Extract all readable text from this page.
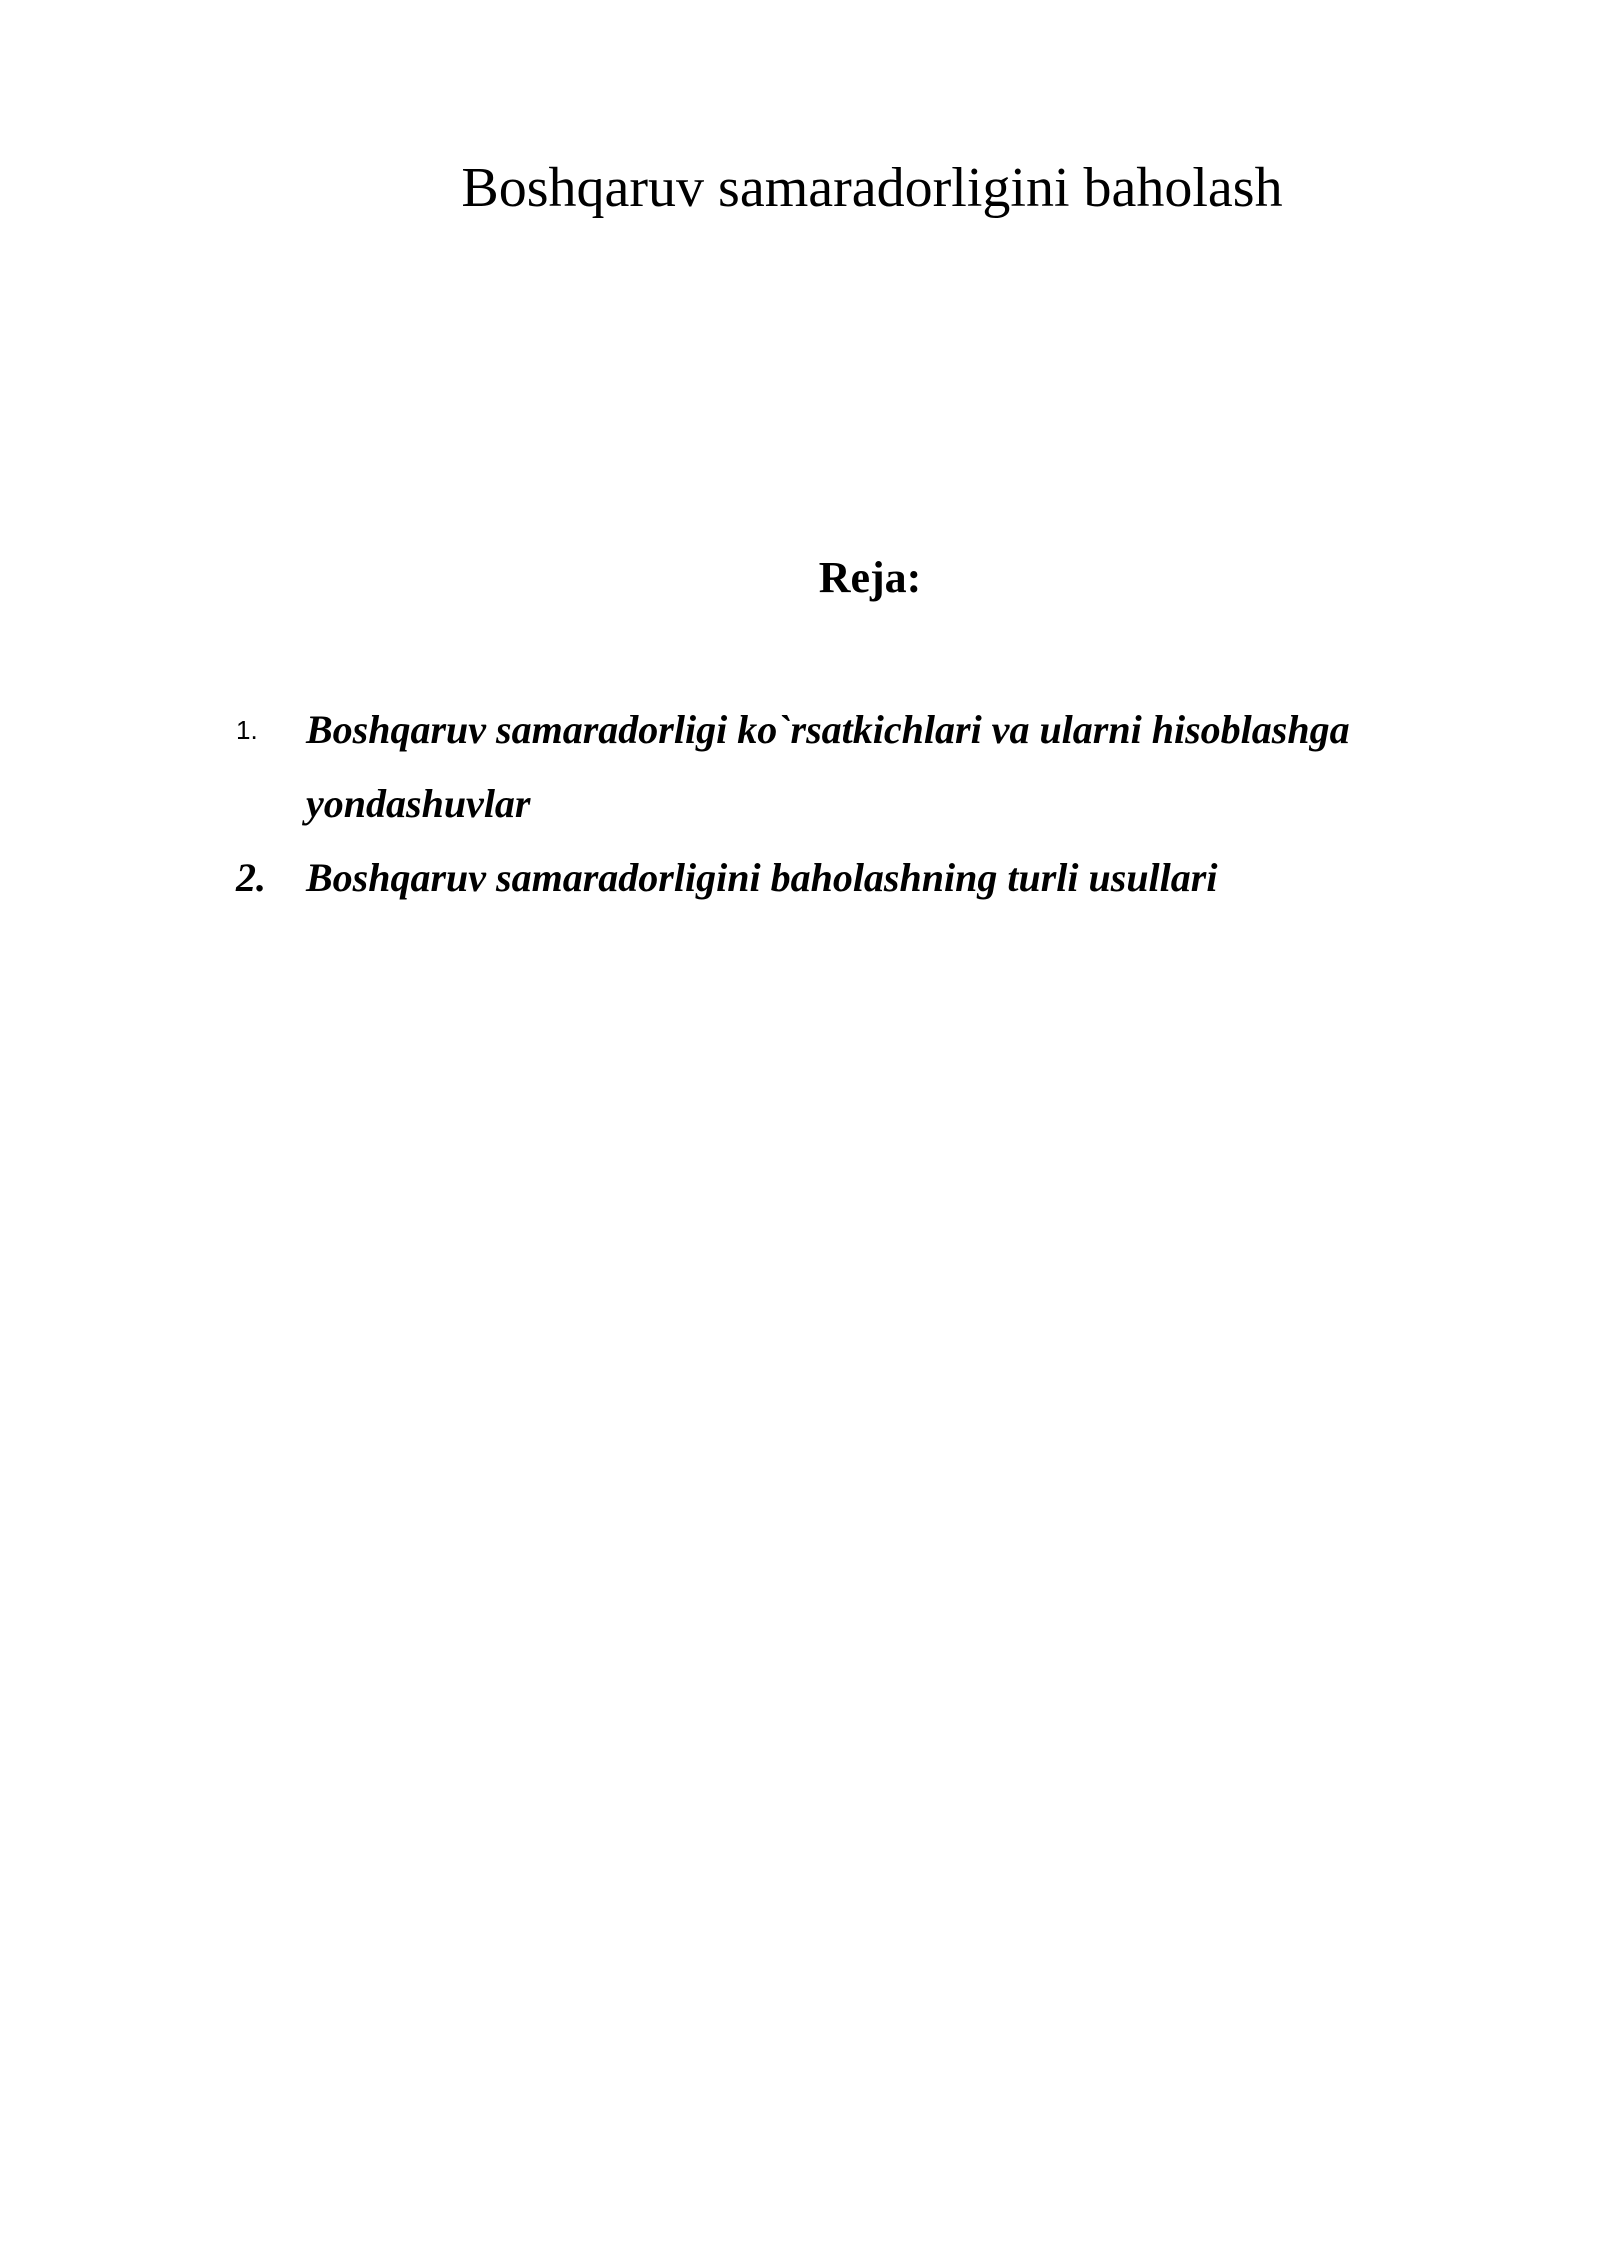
Boshqaruv samaradorligini baholash
Reja:
1. Boshqaruv samaradorligi ko`rsatkichlari va ularni hisoblashga yondashuvlar
2. Boshqaruv samaradorligini baholashning turli usullari
